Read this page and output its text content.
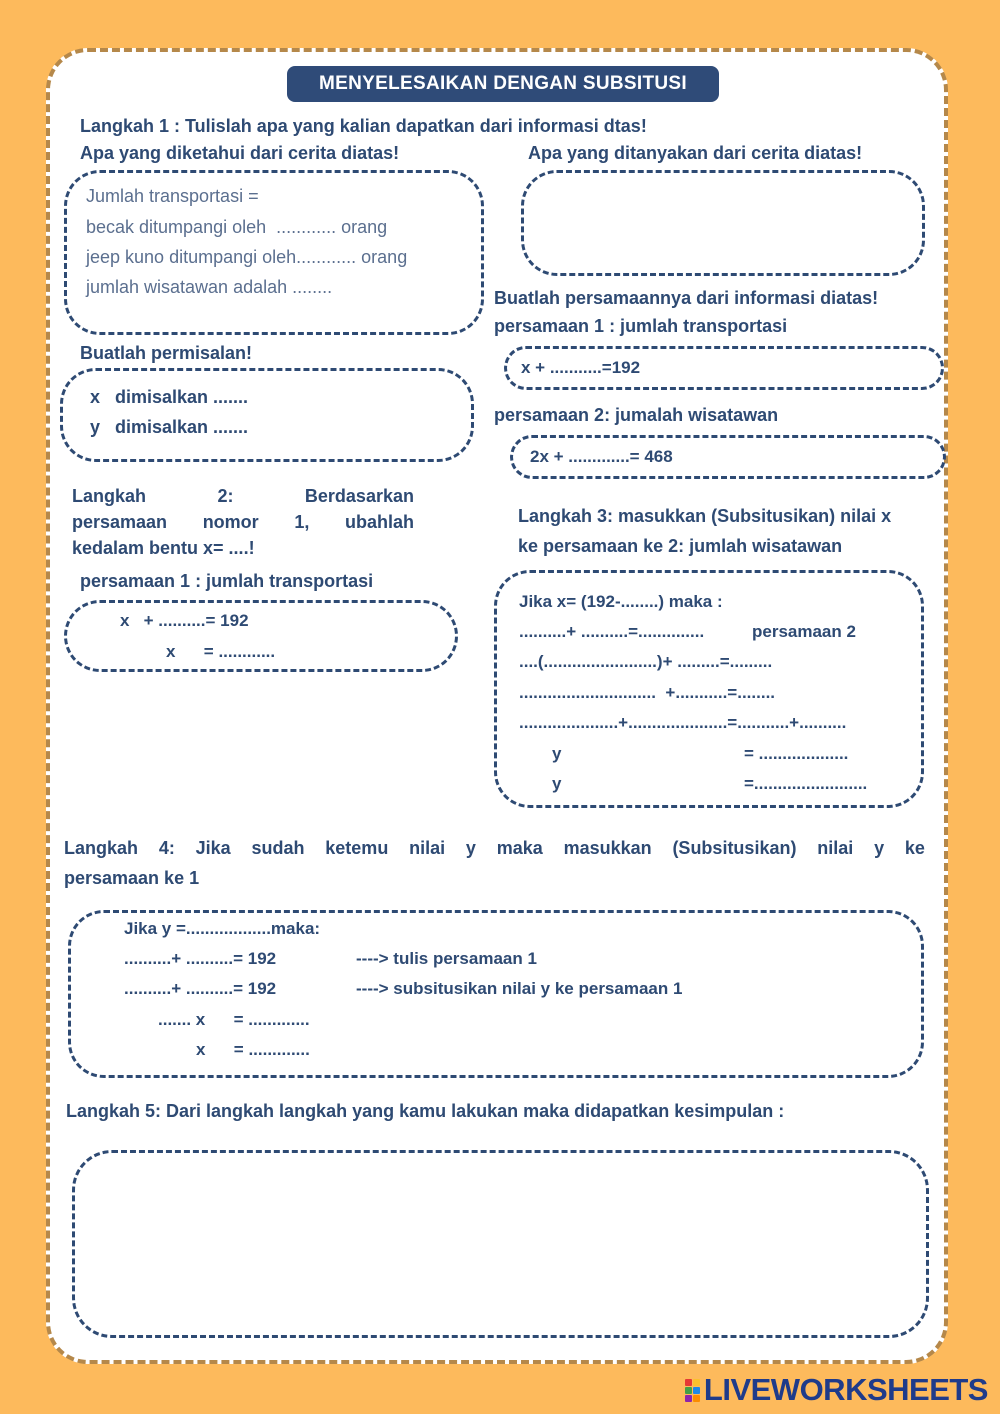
MENYELESAIKAN DENGAN SUBSITUSI
Langkah 1 : Tulislah apa yang kalian dapatkan dari informasi dtas!
Apa yang diketahui dari cerita diatas!	Apa yang ditanyakan dari cerita diatas!
Jumlah transportasi =
becak ditumpangi oleh  ............ orang
jeep kuno ditumpangi oleh............ orang
jumlah wisatawan adalah ........
Buatlah permisalan!
x   dimisalkan .......
y   dimisalkan .......
Buatlah persamaannya dari informasi diatas!
persamaan 1 : jumlah transportasi
x + ...........=192
persamaan 2: jumalah wisatawan
2x + .............= 468
Langkah	2:	Berdasarkan
persamaan nomor 1, ubahlah
kedalam bentu x= ....!
persamaan 1 : jumlah transportasi
x   + ..........= 192
x      = ............
Langkah 3: masukkan (Subsitusikan) nilai x
ke persamaan ke 2: jumlah wisatawan
Jika x= (192-........) maka :
..........+ ..........=..............	persamaan 2
....(........................)+ .........=.........
.............................  +...........=........
.....................+.....................=...........+..........
y	= ...................
y	=........................
Langkah 4: Jika sudah ketemu nilai y maka masukkan (Subsitusikan) nilai y ke
persamaan ke 1
Jika y =..................maka:
..........+ ..........= 192	----> tulis persamaan 1
..........+ ..........= 192	----> subsitusikan nilai y ke persamaan 1
....... x      = .............
x      = .............
Langkah 5: Dari langkah langkah yang kamu lakukan maka didapatkan kesimpulan :
LIVEWORKSHEETS
